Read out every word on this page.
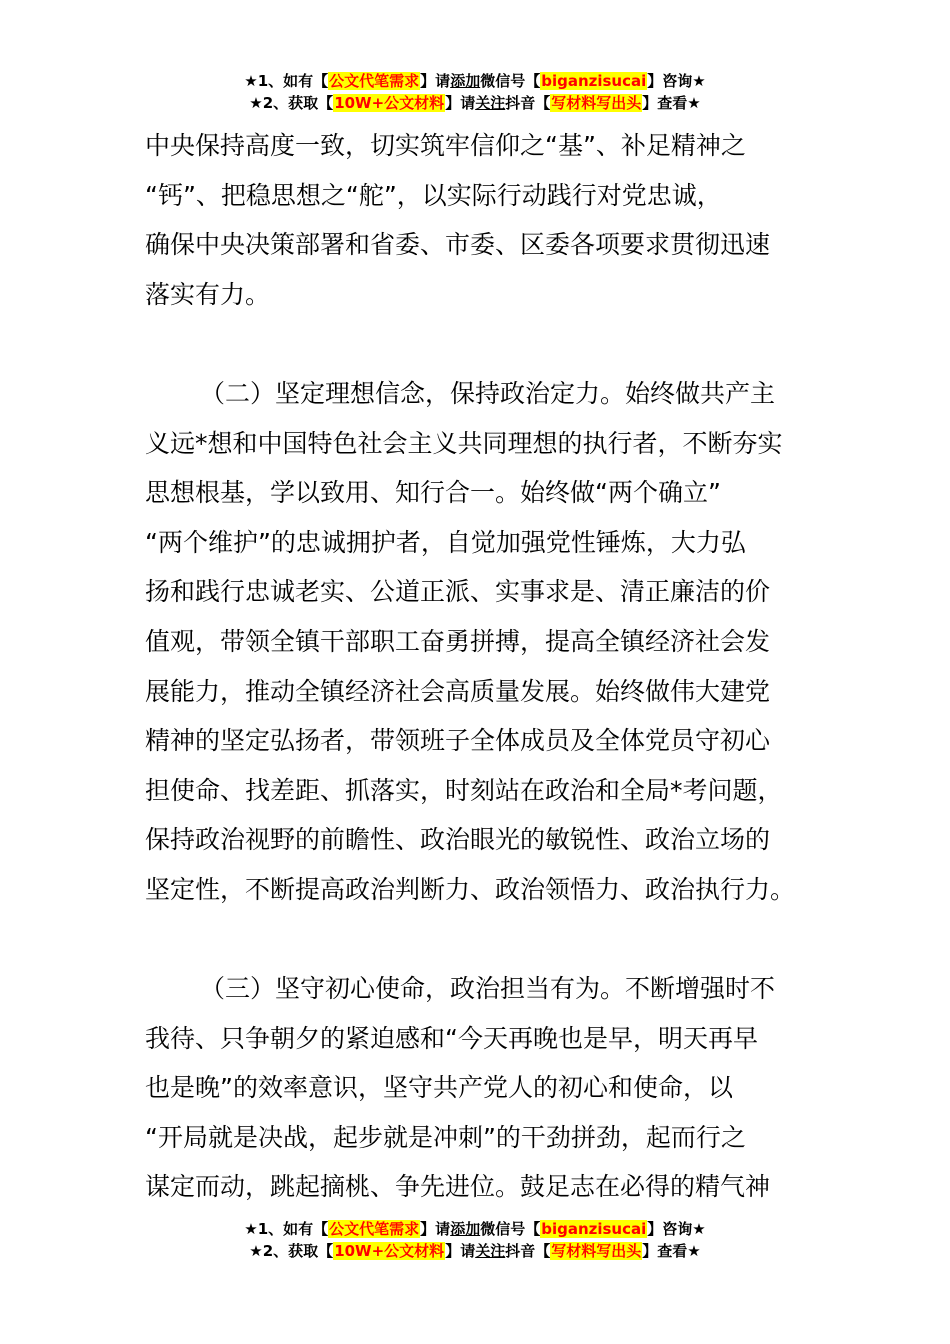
★1、如有【公文代笔需求】请添加微信号【biganzisucai】咨询★
★2、获取【10W+公文材料】请关注抖音【写材料写出头】查看★
中央保持高度一致，切实筑牢信仰之“基”、补足精神之
“钙”、把稳思想之“舵”，以实际行动践行对党忠诚，
确保中央决策部署和省委、市委、区委各项要求贯彻迅速
落实有力。
（二）坚定理想信念，保持政治定力。始终做共产主
义远*想和中国特色社会主义共同理想的执行者，不断夯实
思想根基，学以致用、知行合一。始终做“两个确立”
“两个维护”的忠诚拥护者，自觉加强党性锤炼，大力弘
扬和践行忠诚老实、公道正派、实事求是、清正廉洁的价
值观，带领全镇干部职工奋勇拼搏，提高全镇经济社会发
展能力，推动全镇经济社会高质量发展。始终做伟大建党
精神的坚定弘扬者，带领班子全体成员及全体党员守初心
担使命、找差距、抓落实，时刻站在政治和全局*考问题，
保持政治视野的前瞻性、政治眼光的敏锐性、政治立场的
坚定性，不断提高政治判断力、政治领悟力、政治执行力。
（三）坚守初心使命，政治担当有为。不断增强时不
我待、只争朝夕的紧迫感和“今天再晚也是早，明天再早
也是晚”的效率意识，坚守共产党人的初心和使命，以
“开局就是决战，起步就是冲刺”的干劲拼劲，起而行之
谋定而动，跳起摘桃、争先进位。鼓足志在必得的精气神
★1、如有【公文代笔需求】请添加微信号【biganzisucai】咨询★
★2、获取【10W+公文材料】请关注抖音【写材料写出头】查看★
